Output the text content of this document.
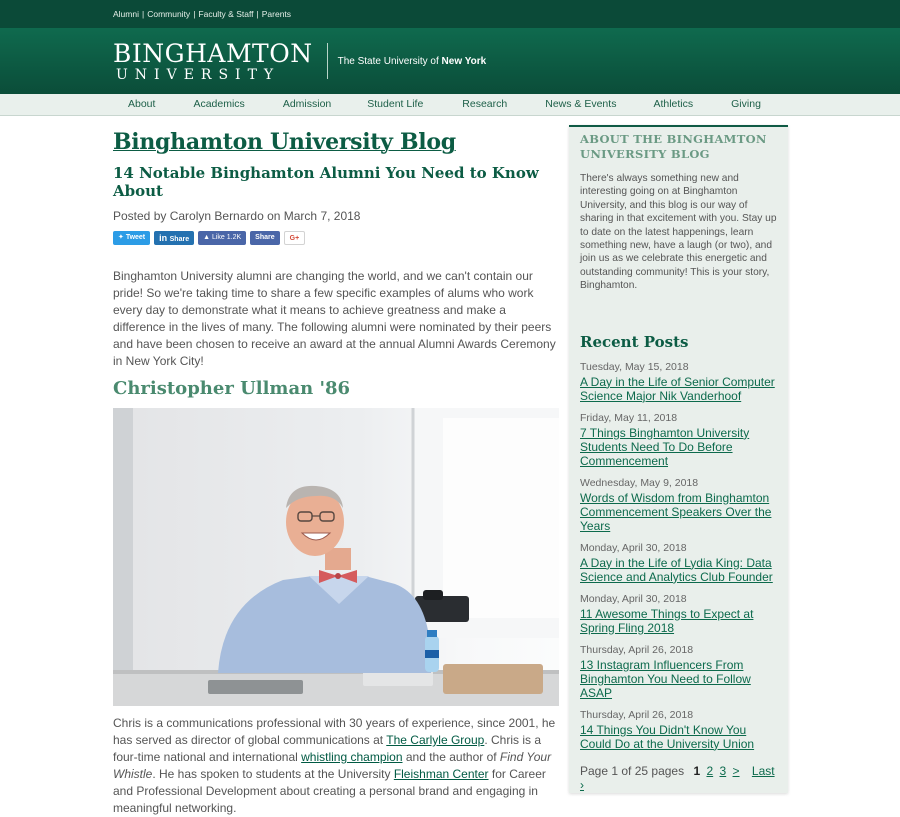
Alumni | Community | Faculty & Staff | Parents
BINGHAMTON
UNIVERSITY
The State University of New York
About	Academics	Admission	Student Life	Research	News & Events	Athletics	Giving
Binghamton University Blog
14 Notable Binghamton Alumni You Need to Know About
Posted by Carolyn Bernardo on March 7, 2018
✦ Tweet	in Share	▲ Like 1.2K	Share	G+

Binghamton University alumni are changing the world, and we can't contain our pride! So we're taking time to share a few specific examples of alums who work every day to demonstrate what it means to achieve greatness and make a difference in the lives of many. The following alumni were nominated by their peers and have been chosen to receive an award at the annual Alumni Awards Ceremony in New York City!

Christopher Ullman '86

Chris is a communications professional with 30 years of experience, since 2001, he has served as director of global communications at The Carlyle Group. Chris is a four-time national and international whistling champion and the author of Find Your Whistle. He has spoken to students at the University Fleishman Center for Career and Professional Development about creating a personal brand and engaging in meaningful networking.

ABOUT THE BINGHAMTON UNIVERSITY BLOG

There's always something new and interesting going on at Binghamton University, and this blog is our way of sharing in that excitement with you. Stay up to date on the latest happenings, learn something new, have a laugh (or two), and join us as we celebrate this energetic and outstanding community! This is your story, Binghamton.

Recent Posts
Tuesday, May 15, 2018
A Day in the Life of Senior Computer Science Major Nik Vanderhoof
Friday, May 11, 2018
7 Things Binghamton University Students Need To Do Before Commencement
Wednesday, May 9, 2018
Words of Wisdom from Binghamton Commencement Speakers Over the Years
Monday, April 30, 2018
A Day in the Life of Lydia King: Data Science and Analytics Club Founder
Monday, April 30, 2018
11 Awesome Things to Expect at Spring Fling 2018
Thursday, April 26, 2018
13 Instagram Influencers From Binghamton You Need to Follow ASAP
Thursday, April 26, 2018
14 Things You Didn't Know You Could Do at the University Union
Page 1 of 25 pages 1 2 3 > Last ›
